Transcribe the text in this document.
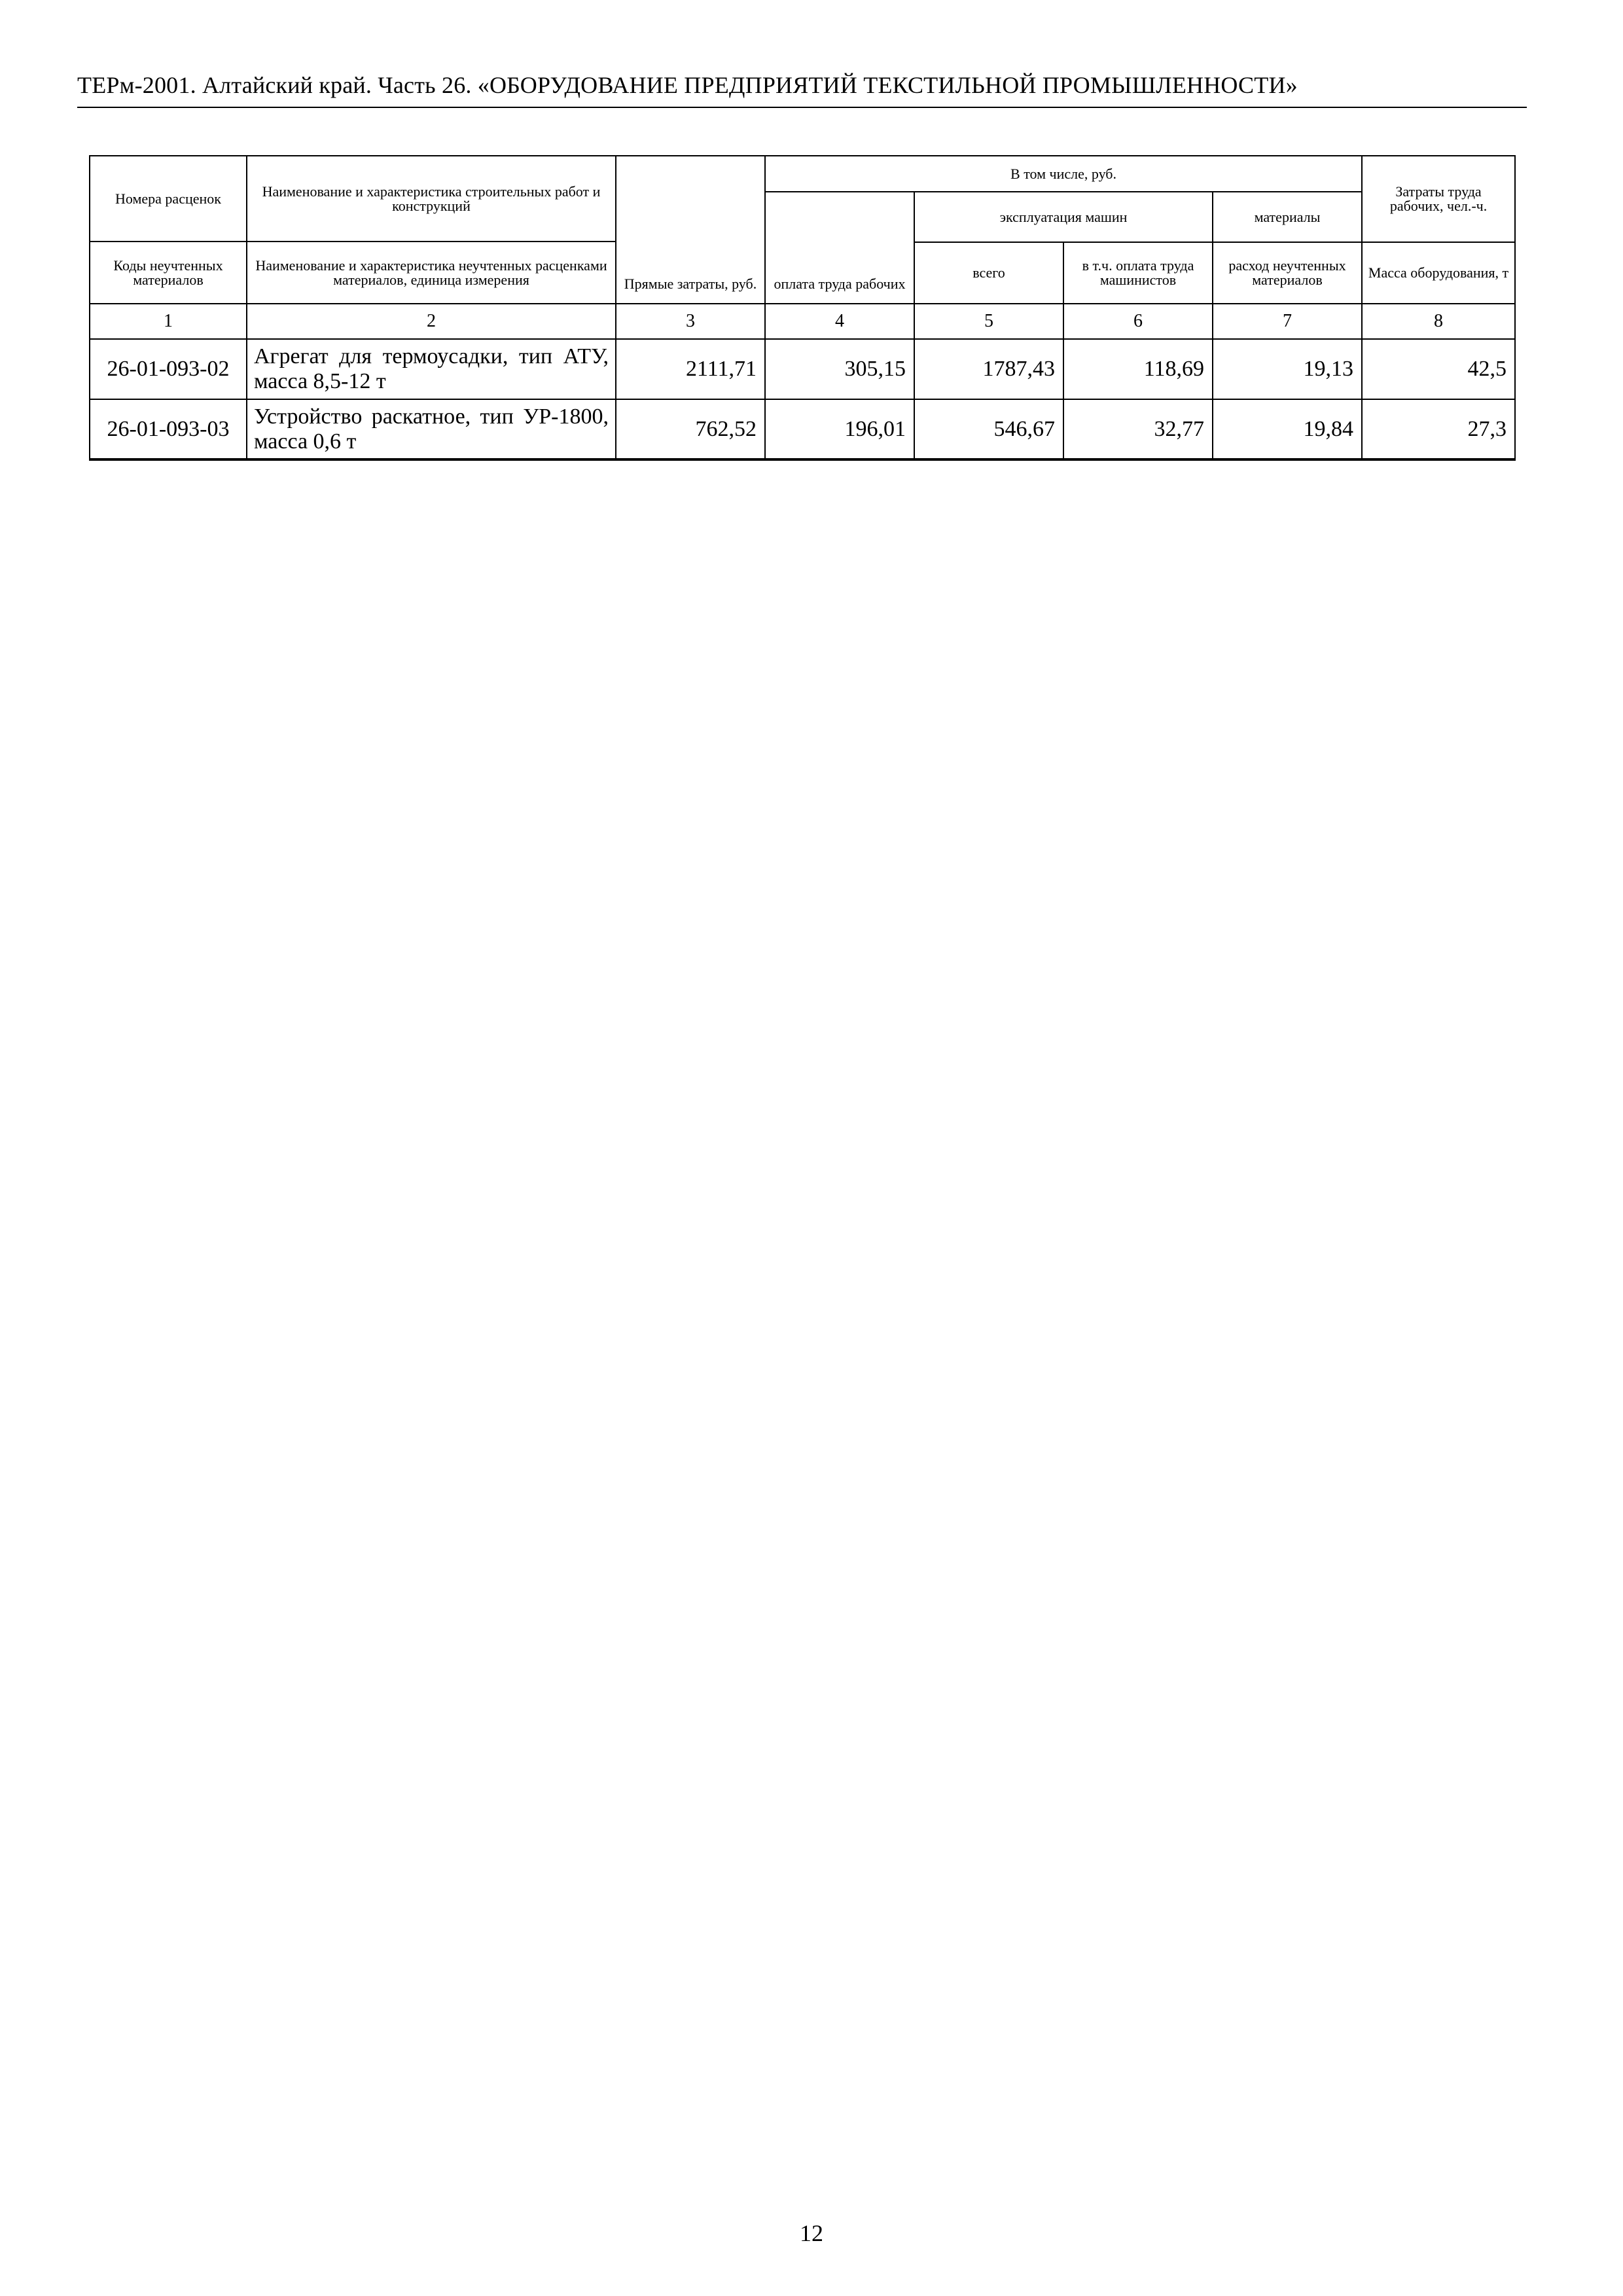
ТЕРм-2001. Алтайский край. Часть 26. «ОБОРУДОВАНИЕ ПРЕДПРИЯТИЙ ТЕКСТИЛЬНОЙ ПРОМЫШЛЕННОСТИ»
Номера расценок	Наименование и характеристика строительных работ и конструкций	Прямые затраты, руб.	В том числе, руб.				Затраты труда рабочих, чел.-ч.
			оплата труда рабочих	эксплуатация машин		материалы	

Коды неучтенных материалов	Наименование и характеристика неучтенных расценками материалов, единица измерения						
				всего	в т.ч. оплата труда машинистов	расход неучтенных материалов	Масса оборудования, т

1	2	3	4	5	6	7	8
26-01-093-02	Агрегат для термоусадки, тип АТУ, масса 8,5-12 т	2111,71	305,15	1787,43	118,69	19,13	42,5
26-01-093-03	Устройство раскатное, тип УР-1800, масса 0,6 т	762,52	196,01	546,67	32,77	19,84	27,3
12
